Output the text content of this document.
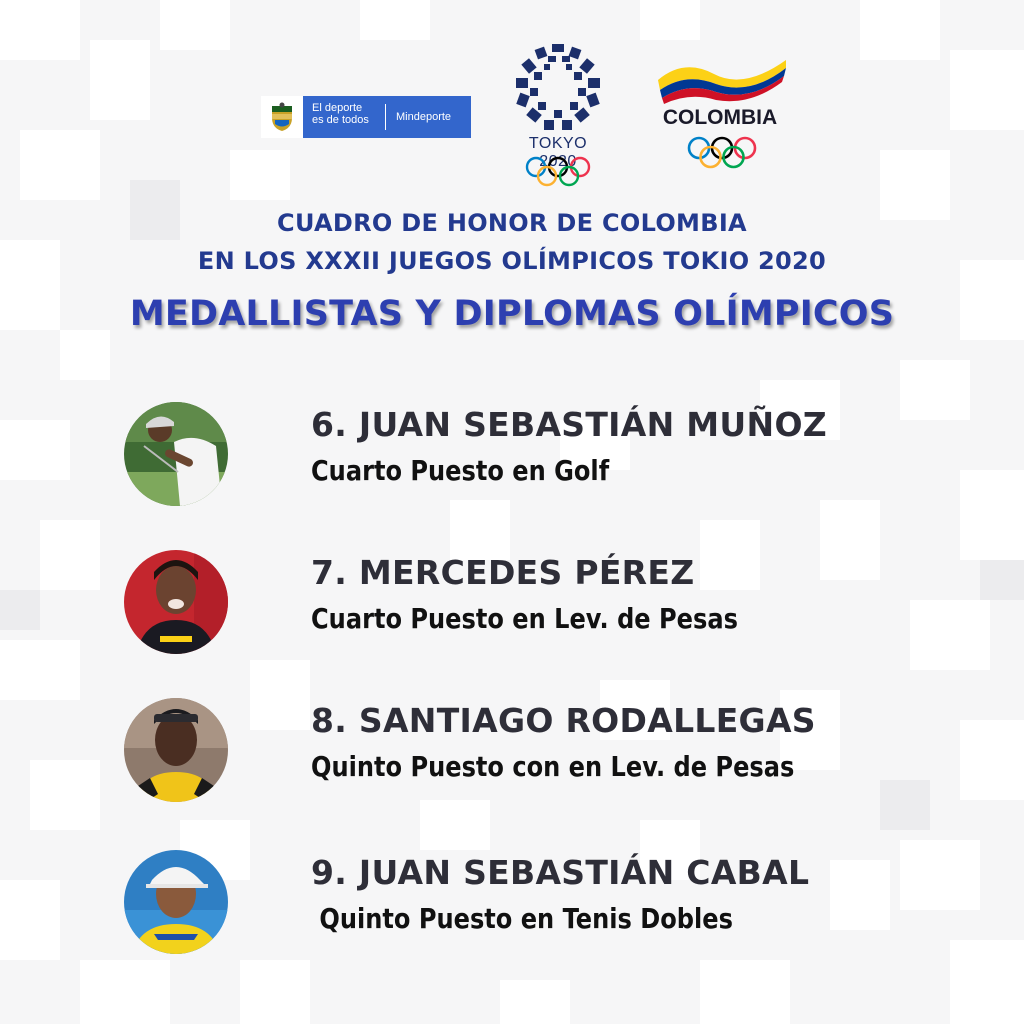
El deporte
es de todos	Mindeporte
TOKYO 2020
COLOMBIA
CUADRO DE HONOR DE COLOMBIA
EN LOS XXXII JUEGOS OLÍMPICOS TOKIO 2020
MEDALLISTAS Y DIPLOMAS OLÍMPICOS
6. JUAN SEBASTIÁN MUÑOZ
Cuarto Puesto en Golf
7. MERCEDES PÉREZ
Cuarto Puesto en Lev. de Pesas
8. SANTIAGO RODALLEGAS
Quinto Puesto con en Lev. de Pesas
9. JUAN SEBASTIÁN CABAL
Quinto Puesto en Tenis Dobles
